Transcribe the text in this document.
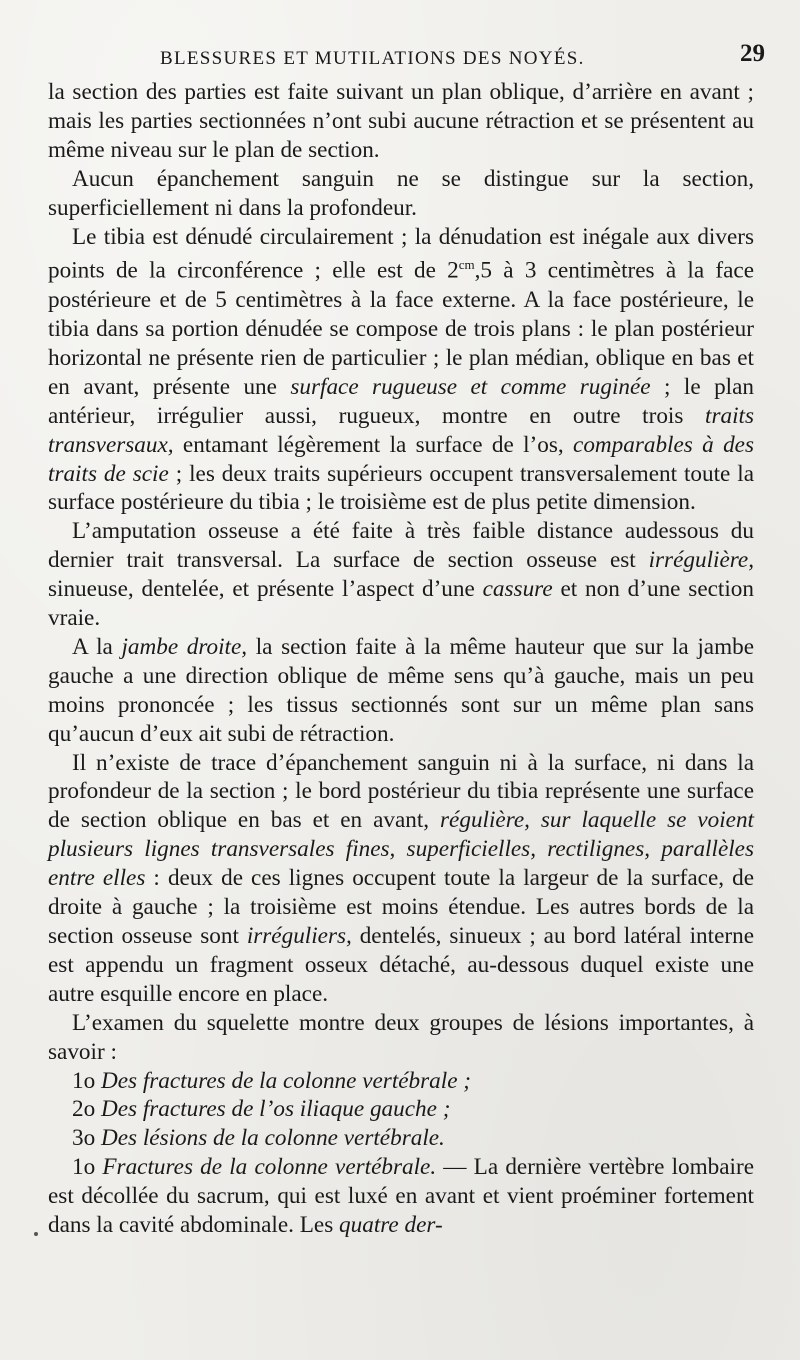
BLESSURES ET MUTILATIONS DES NOYÉS.	29

la section des parties est faite suivant un plan oblique, d’arrière en avant ; mais les parties sectionnées n’ont subi aucune rétraction et se présentent au même niveau sur le plan de section.

Aucun épanchement sanguin ne se distingue sur la section, superficiellement ni dans la profondeur.

Le tibia est dénudé circulairement ; la dénudation est inégale aux divers points de la circonférence ; elle est de $2^{cm},5$ à 3 centimètres à la face postérieure et de 5 centimètres à la face externe. A la face postérieure, le tibia dans sa portion dénudée se compose de trois plans : le plan postérieur horizontal ne présente rien de particulier ; le plan médian, oblique en bas et en avant, présente une surface rugueuse et comme ruginée ; le plan antérieur, irrégulier aussi, rugueux, montre en outre trois traits transversaux, entamant légèrement la surface de l’os, comparables à des traits de scie ; les deux traits supérieurs occupent transversalement toute la surface postérieure du tibia ; le troisième est de plus petite dimension.

L’amputation osseuse a été faite à très faible distance audessous du dernier trait transversal. La surface de section osseuse est irrégulière, sinueuse, dentelée, et présente l’aspect d’une cassure et non d’une section vraie.

A la jambe droite, la section faite à la même hauteur que sur la jambe gauche a une direction oblique de même sens qu’à gauche, mais un peu moins prononcée ; les tissus sectionnés sont sur un même plan sans qu’aucun d’eux ait subi de rétraction.

Il n’existe de trace d’épanchement sanguin ni à la surface, ni dans la profondeur de la section ; le bord postérieur du tibia représente une surface de section oblique en bas et en avant, régulière, sur laquelle se voient plusieurs lignes transversales fines, superficielles, rectilignes, parallèles entre elles : deux de ces lignes occupent toute la largeur de la surface, de droite à gauche ; la troisième est moins étendue. Les autres bords de la section osseuse sont irréguliers, dentelés, sinueux ; au bord latéral interne est appendu un fragment osseux détaché, au-dessous duquel existe une autre esquille encore en place.

L’examen du squelette montre deux groupes de lésions importantes, à savoir :

1o Des fractures de la colonne vertébrale ;

2o Des fractures de l’os iliaque gauche ;

3o Des lésions de la colonne vertébrale.

1o Fractures de la colonne vertébrale. — La dernière vertèbre lombaire est décollée du sacrum, qui est luxé en avant et vient proéminer fortement dans la cavité abdominale. Les quatre der-
